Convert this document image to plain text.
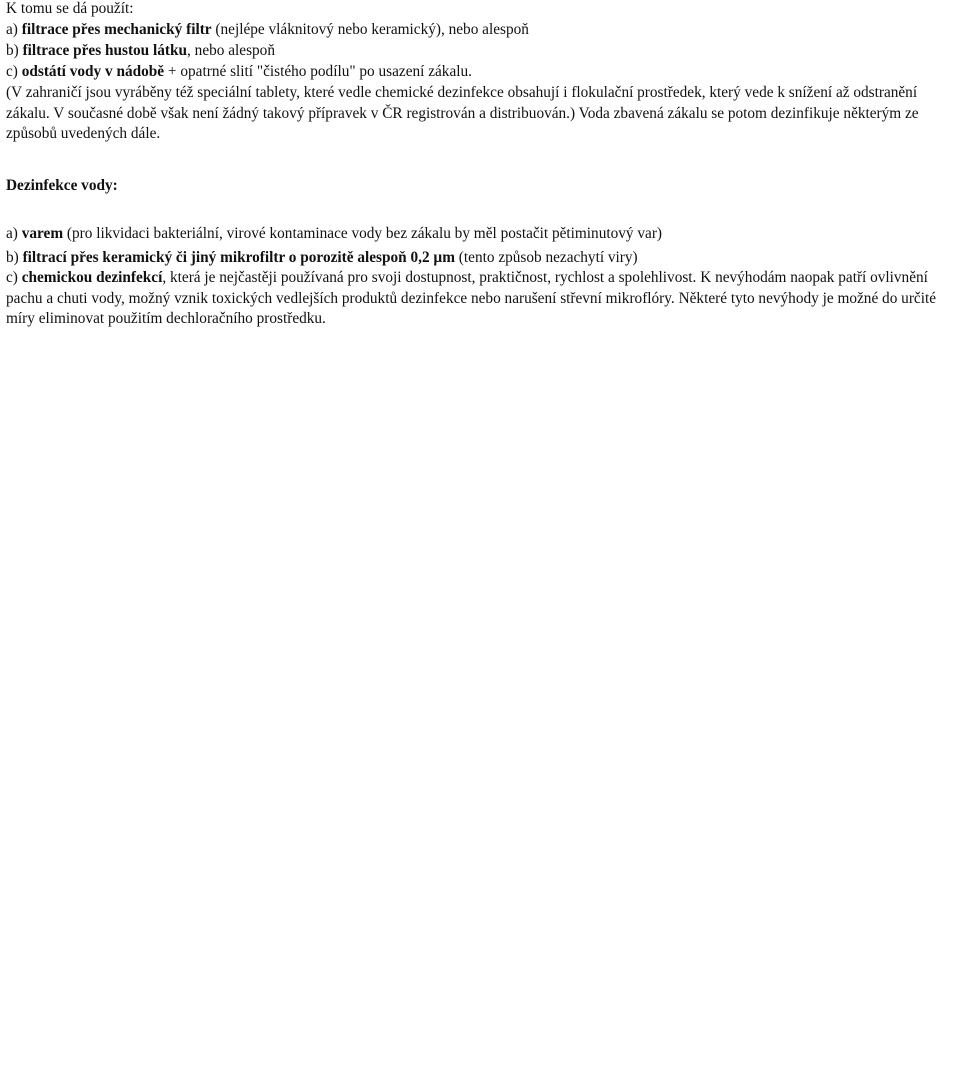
K tomu se dá použít:

a) filtrace přes mechanický filtr (nejlépe vláknitový nebo keramický), nebo alespoň

b) filtrace přes hustou látku, nebo alespoň

c) odstátí vody v nádobě + opatrné slití "čistého podílu" po usazení zákalu.

(V zahraničí jsou vyráběny též speciální tablety, které vedle chemické dezinfekce obsahují i flokulační prostředek, který vede k snížení až odstranění zákalu. V současné době však není žádný takový přípravek v ČR registrován a distribuován.) Voda zbavená zákalu se potom dezinfikuje některým ze způsobů uvedených dále.

Dezinfekce vody:

a) varem (pro likvidaci bakteriální, virové kontaminace vody bez zákalu by měl postačit pětiminutový var)

b) filtrací přes keramický či jiný mikrofiltr o porozitě alespoň 0,2 µm (tento způsob nezachytí viry)

c) chemickou dezinfekcí, která je nejčastěji používaná pro svoji dostupnost, praktičnost, rychlost a spolehlivost. K nevýhodám naopak patří ovlivnění pachu a chuti vody, možný vznik toxických vedlejších produktů dezinfekce nebo narušení střevní mikroflóry. Některé tyto nevýhody je možné do určité míry eliminovat použitím dechloračního prostředku.
